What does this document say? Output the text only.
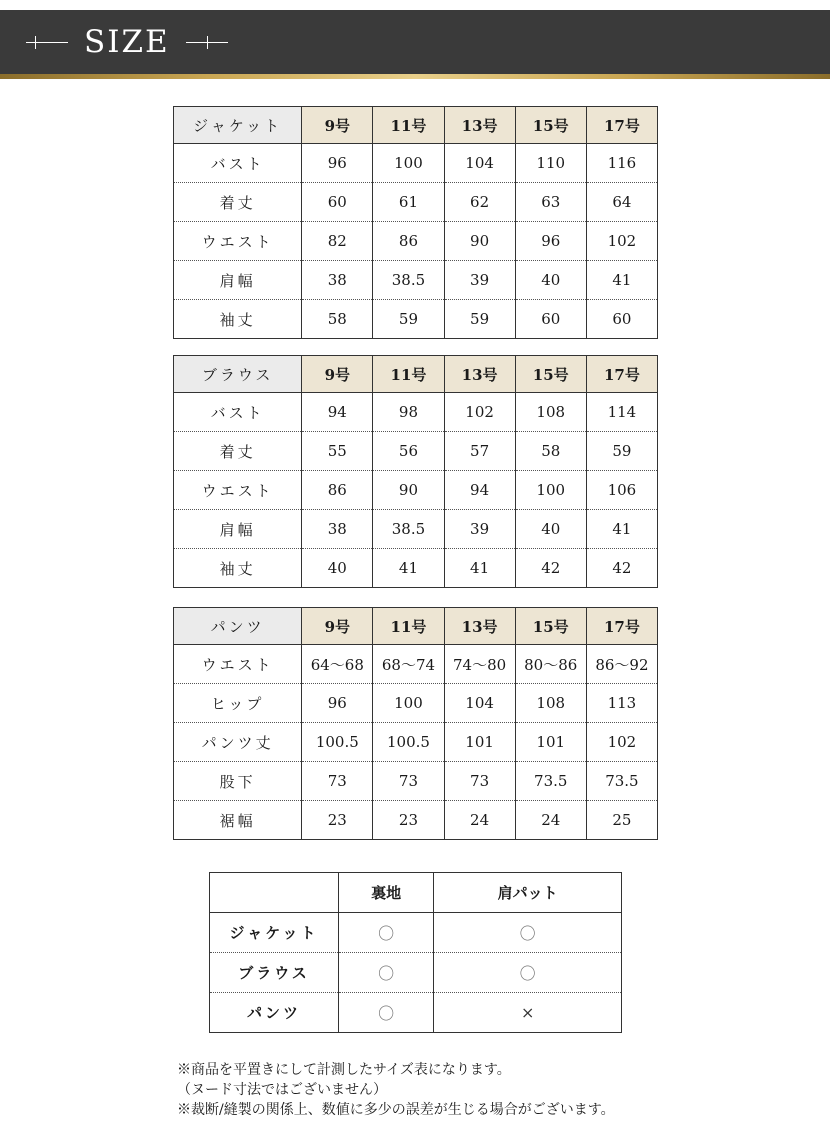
SIZE
ジャケット	9号	11号	13号	15号	17号
バスト	96	100	104	110	116
着丈	60	61	62	63	64
ウエスト	82	86	90	96	102
肩幅	38	38.5	39	40	41
袖丈	58	59	59	60	60
ブラウス	9号	11号	13号	15号	17号
バスト	94	98	102	108	114
着丈	55	56	57	58	59
ウエスト	86	90	94	100	106
肩幅	38	38.5	39	40	41
袖丈	40	41	41	42	42
パンツ	9号	11号	13号	15号	17号
ウエスト	64～68	68～74	74～80	80～86	86～92
ヒップ	96	100	104	108	113
パンツ丈	100.5	100.5	101	101	102
股下	73	73	73	73.5	73.5
裾幅	23	23	24	24	25
	裏地	肩パット
ジャケット	〇	〇
ブラウス	〇	〇
パンツ	〇	×
※商品を平置きにして計測したサイズ表になります。
（ヌード寸法ではございません）
※裁断/縫製の関係上、数値に多少の誤差が生じる場合がございます。
